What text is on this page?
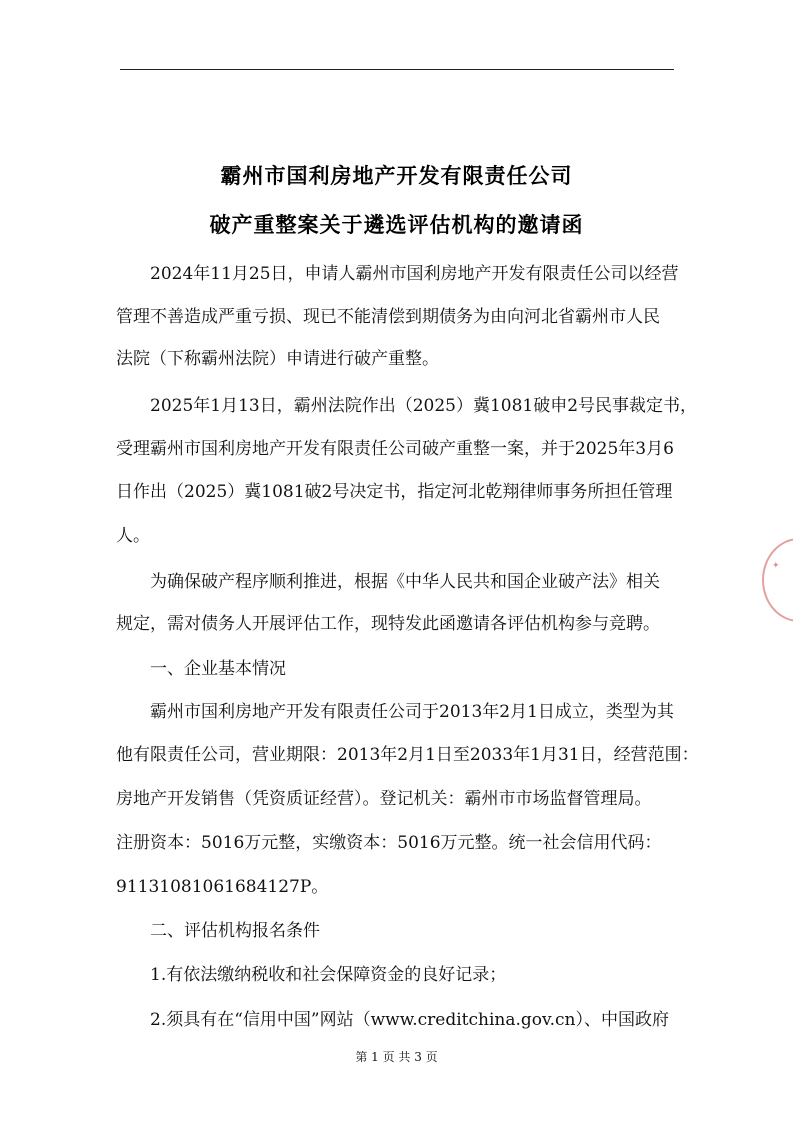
霸州市国利房地产开发有限责任公司
破产重整案关于遴选评估机构的邀请函
2024年11月25日，申请人霸州市国利房地产开发有限责任公司以经营
管理不善造成严重亏损、现已不能清偿到期债务为由向河北省霸州市人民
法院（下称霸州法院）申请进行破产重整。
2025年1月13日，霸州法院作出（2025）冀1081破申2号民事裁定书，
受理霸州市国利房地产开发有限责任公司破产重整一案，并于2025年3月6
日作出（2025）冀1081破2号决定书，指定河北乾翔律师事务所担任管理
人。
为确保破产程序顺利推进，根据《中华人民共和国企业破产法》相关
规定，需对债务人开展评估工作，现特发此函邀请各评估机构参与竞聘。
一、企业基本情况
霸州市国利房地产开发有限责任公司于2013年2月1日成立，类型为其
他有限责任公司，营业期限：2013年2月1日至2033年1月31日，经营范围：
房地产开发销售（凭资质证经营）。登记机关：霸州市市场监督管理局。
注册资本：5016万元整，实缴资本：5016万元整。统一社会信用代码：
91131081061684127P。
二、评估机构报名条件
1.有依法缴纳税收和社会保障资金的良好记录；
2.须具有在“信用中国”网站（www.creditchina.gov.cn）、中国政府
第 1 页 共 3 页
✦
